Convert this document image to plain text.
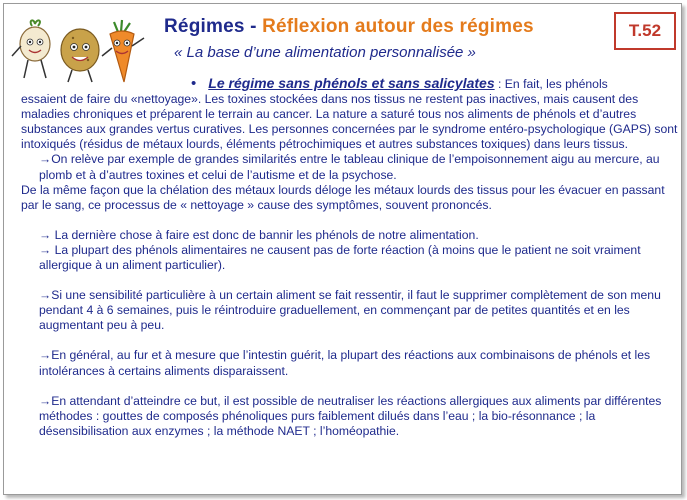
Régimes - Réflexion autour des régimes
« La base d’une alimentation personnalisée »
T.52

• Le régime sans phénols et sans salicylates : En fait, les phénols

essaient de faire du «nettoyage». Les toxines stockées dans nos tissus ne restent pas inactives, mais causent des maladies chroniques et préparent le terrain au cancer. La nature a saturé tous nos aliments de phénols et d’autres substances aux grandes vertus curatives. Les personnes concernées par le syndrome entéro-psychologique (GAPS) sont intoxiqués (résidus de métaux lourds, éléments pétrochimiques et autres substances toxiques) dans leurs tissus.

→On relève par exemple de grandes similarités entre le tableau clinique de l’empoisonnement aigu au mercure, au plomb et à d’autres toxines et celui de l’autisme et de la psychose.

De la même façon que la chélation des métaux lourds déloge les métaux lourds des tissus pour les évacuer en passant par le sang, ce processus de « nettoyage » cause des symptômes, souvent prononcés.

→ La dernière chose à faire est donc de bannir les phénols de notre alimentation.

→ La plupart des phénols alimentaires ne causent pas de forte réaction (à moins que le patient ne soit vraiment allergique à un aliment particulier).

→Si une sensibilité particulière à un certain aliment se fait ressentir, il faut le supprimer complètement de son menu pendant 4 à 6 semaines, puis le réintroduire graduellement, en commençant par de petites quantités et en les augmentant peu à peu.

→En général, au fur et à mesure que l’intestin guérit, la plupart des réactions aux combinaisons de phénols et les intolérances à certains aliments disparaissent.

→En attendant d’atteindre ce but, il est possible de neutraliser les réactions allergiques aux aliments par différentes méthodes : gouttes de composés phénoliques purs faiblement dilués dans l’eau ; la bio-résonnance ; la désensibilisation aux enzymes ; la méthode NAET ; l’homéopathie.
